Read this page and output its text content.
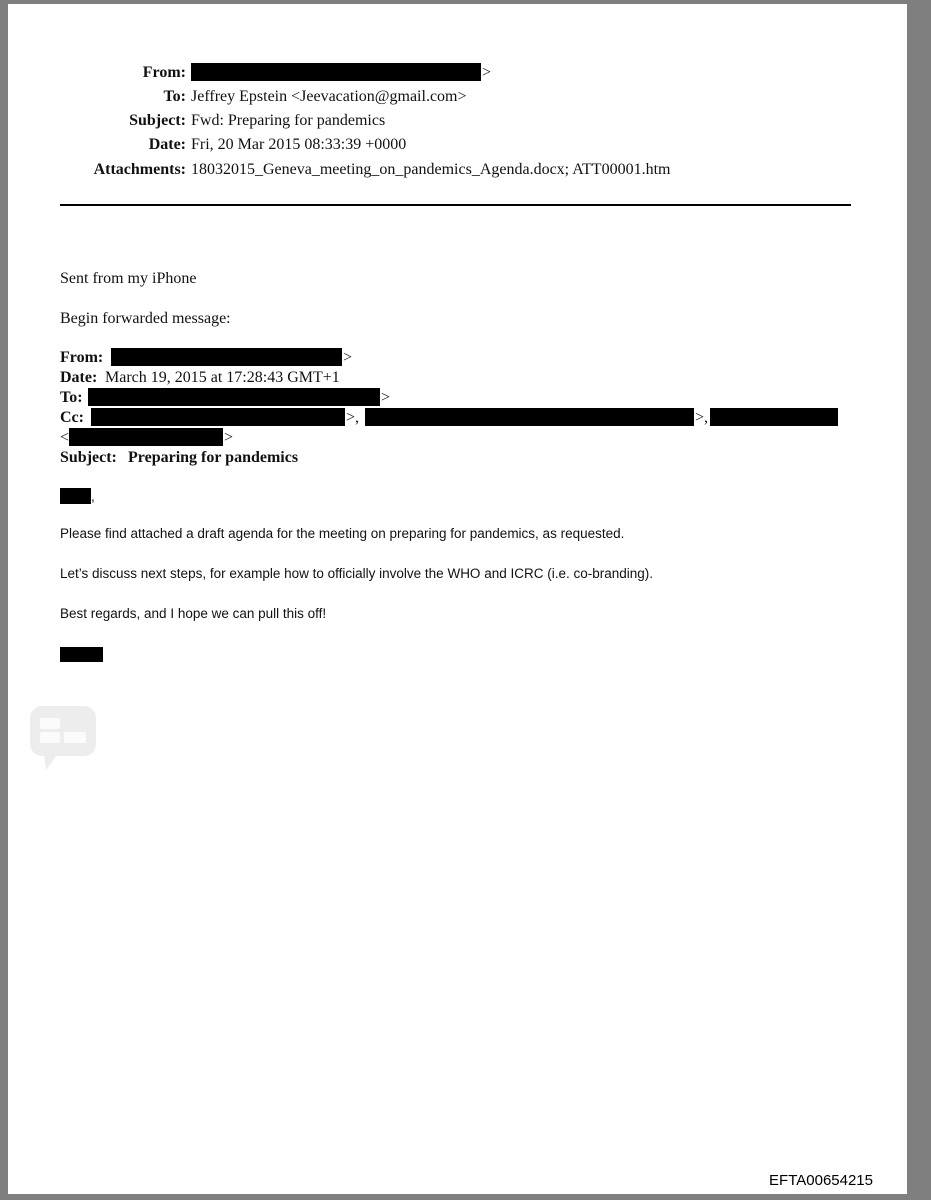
From:	>
To: Jeffrey Epstein <Jeevacation@gmail.com>
Subject: Fwd: Preparing for pandemics
Date: Fri, 20 Mar 2015 08:33:39 +0000
Attachments: 18032015_Geneva_meeting_on_pandemics_Agenda.docx; ATT00001.htm
Sent from my iPhone
Begin forwarded message:
From:	>
Date: March 19, 2015 at 17:28:43 GMT+1
To:	>
Cc:	>,	>,
<	>
Subject: Preparing for pandemics
,
Please find attached a draft agenda for the meeting on preparing for pandemics, as requested.
Let’s discuss next steps, for example how to officially involve the WHO and ICRC (i.e. co-branding).
Best regards, and I hope we can pull this off!
EFTA00654215
